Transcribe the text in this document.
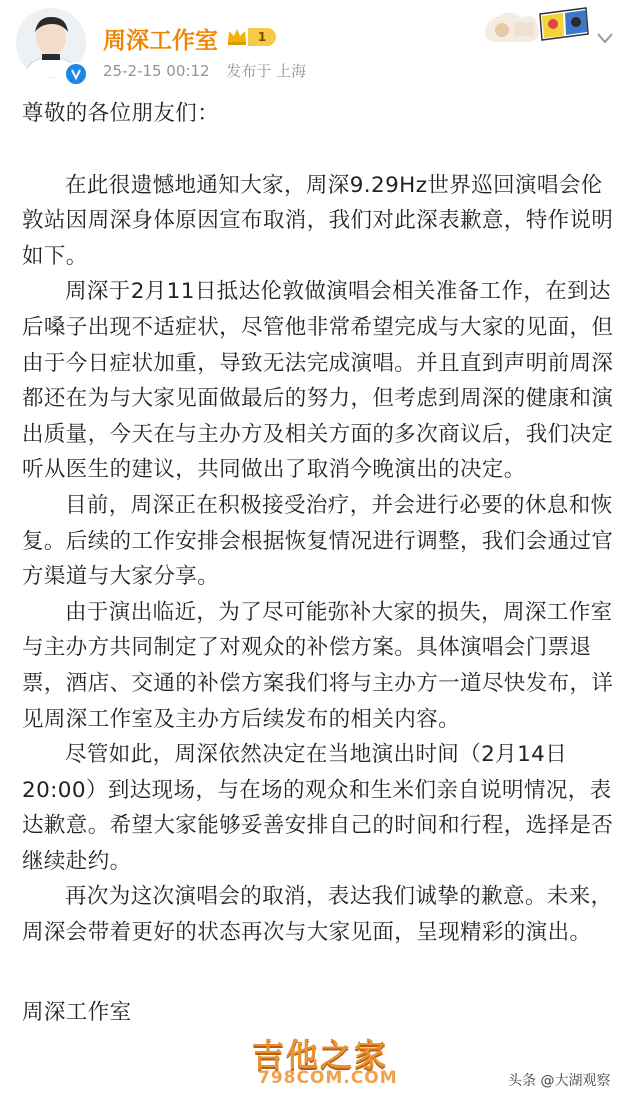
周深工作室	1
25-2-15 00:12 发布于 上海

尊敬的各位朋友们：

在此很遗憾地通知大家，周深9.29Hz世界巡回演唱会伦敦站因周深身体原因宣布取消，我们对此深表歉意，特作说明如下。

周深于2月11日抵达伦敦做演唱会相关准备工作，在到达后嗓子出现不适症状，尽管他非常希望完成与大家的见面，但由于今日症状加重，导致无法完成演唱。并且直到声明前周深都还在为与大家见面做最后的努力，但考虑到周深的健康和演出质量，今天在与主办方及相关方面的多次商议后，我们决定听从医生的建议，共同做出了取消今晚演出的决定。

目前，周深正在积极接受治疗，并会进行必要的休息和恢复。后续的工作安排会根据恢复情况进行调整，我们会通过官方渠道与大家分享。

由于演出临近，为了尽可能弥补大家的损失，周深工作室与主办方共同制定了对观众的补偿方案。具体演唱会门票退票，酒店、交通的补偿方案我们将与主办方一道尽快发布，详见周深工作室及主办方后续发布的相关内容。

尽管如此，周深依然决定在当地演出时间（2月14日20:00）到达现场，与在场的观众和生米们亲自说明情况，表达歉意。希望大家能够妥善安排自己的时间和行程，选择是否继续赴约。

再次为这次演唱会的取消，表达我们诚挚的歉意。未来，周深会带着更好的状态再次与大家见面，呈现精彩的演出。

周深工作室

吉他之家
798COM.COM	头条 @大湖观察
